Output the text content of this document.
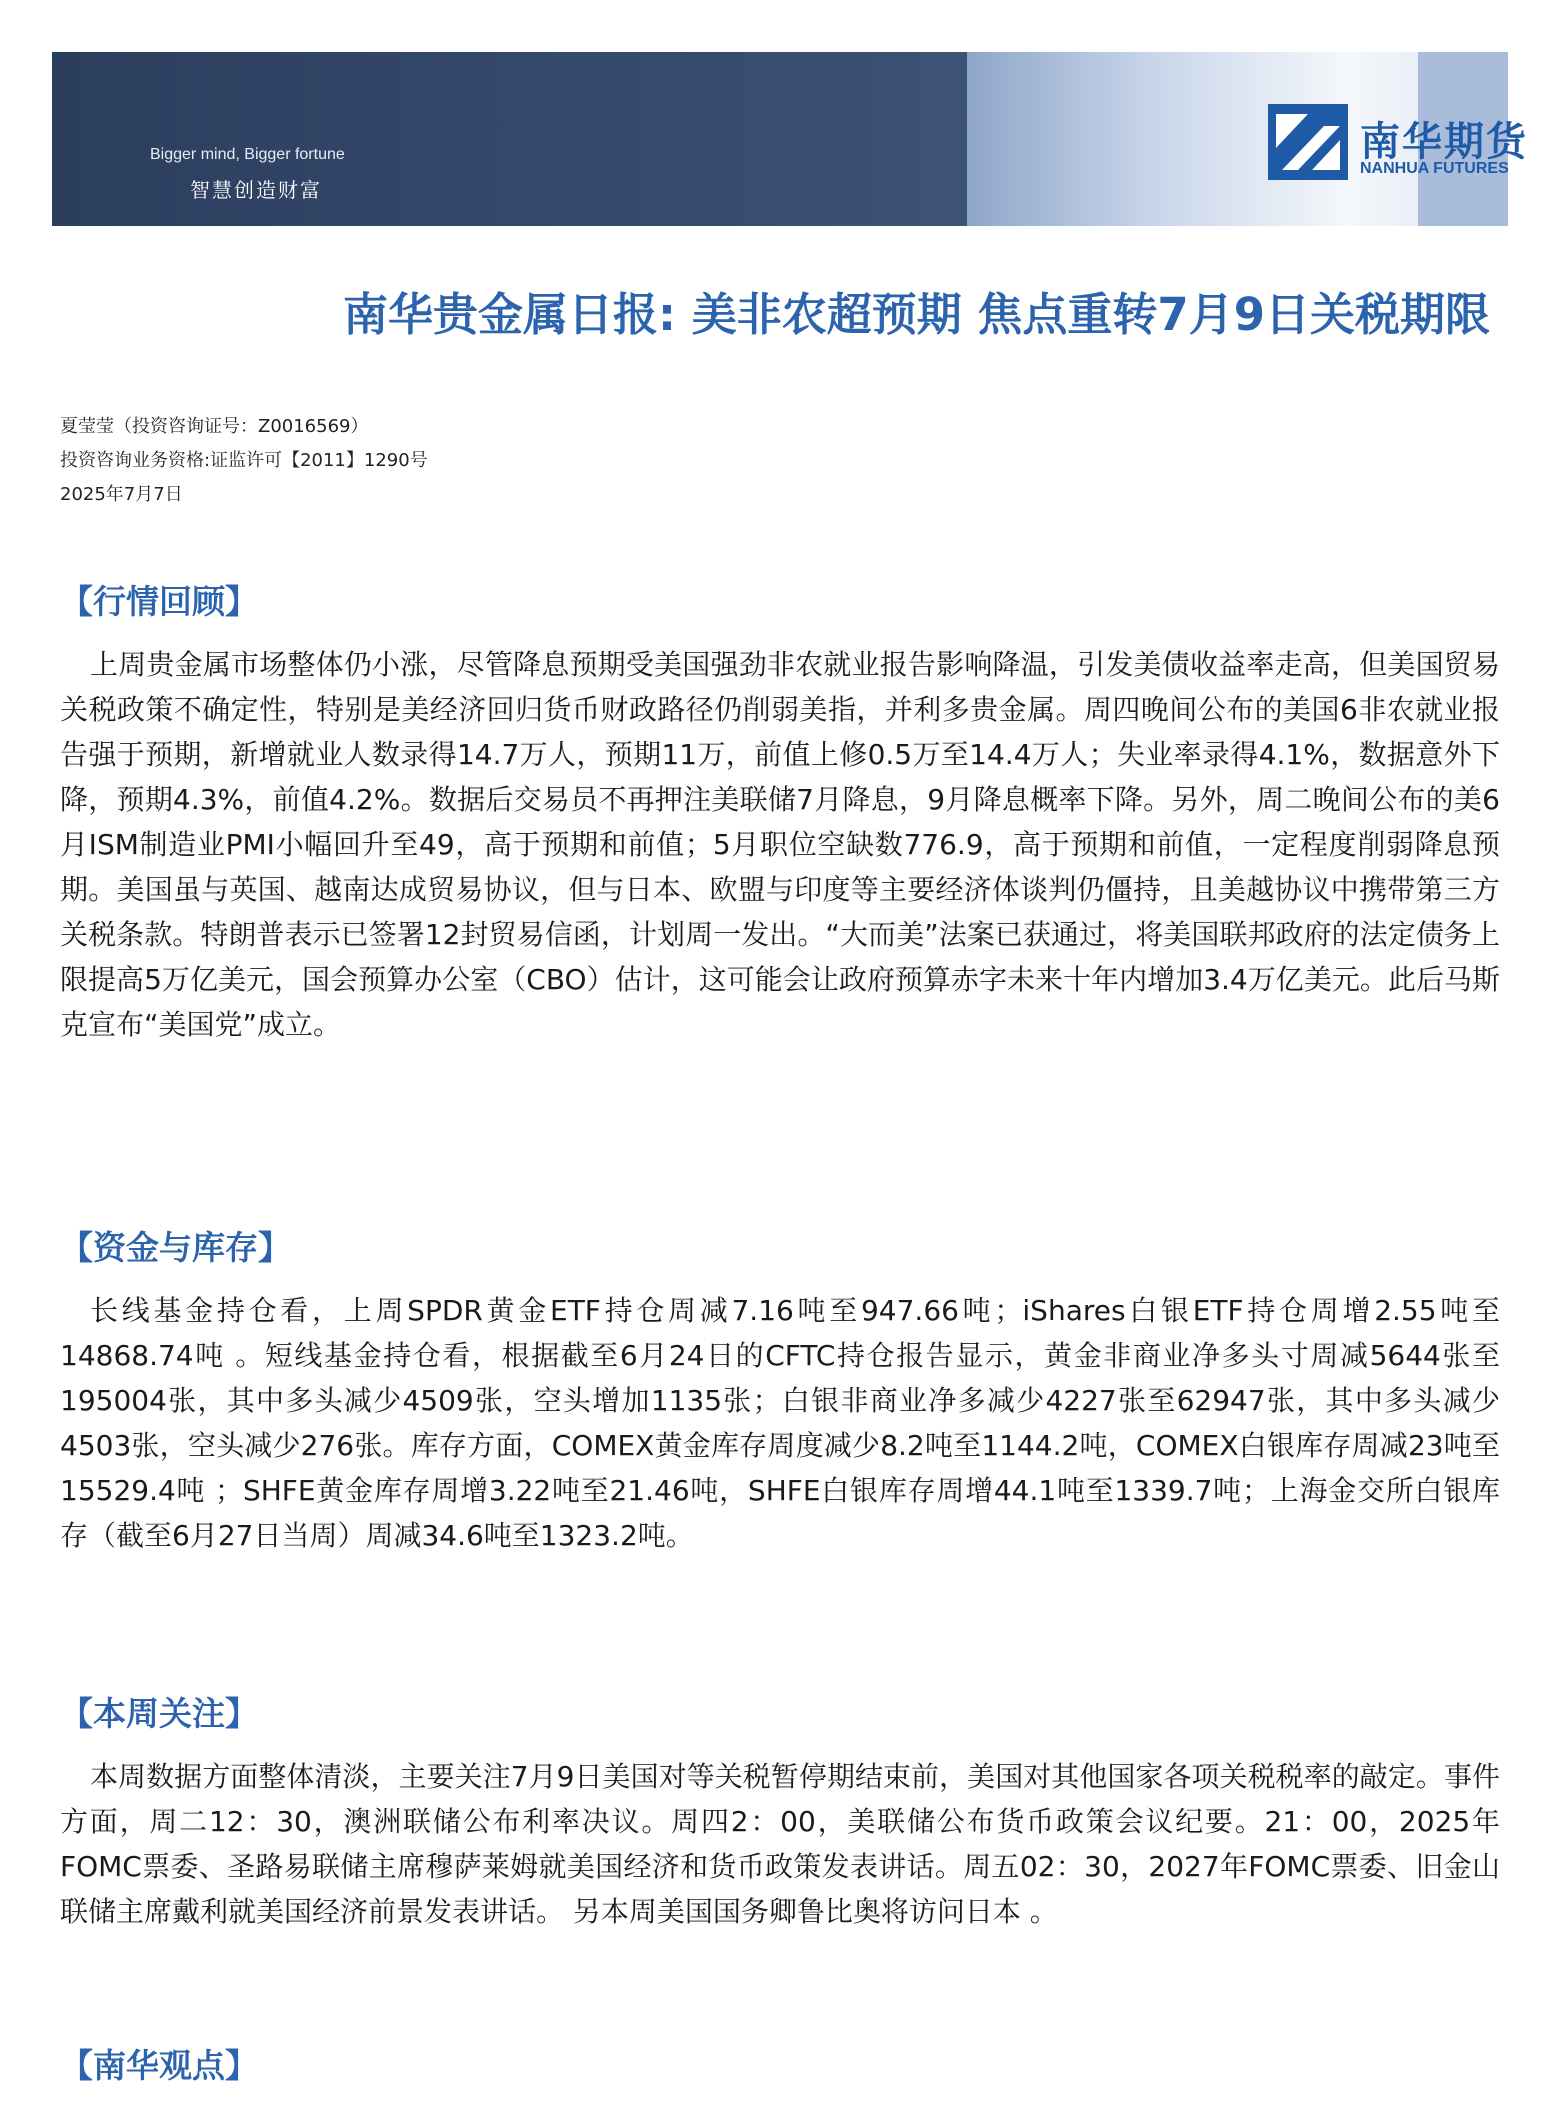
Bigger mind, Bigger fortune
智慧创造财富
南华期货
NANHUA FUTURES
南华贵金属日报: 美非农超预期 焦点重转7月9日关税期限
夏莹莹（投资咨询证号：Z0016569）
投资咨询业务资格:证监许可【2011】1290号
2025年7月7日
【行情回顾】

上周贵金属市场整体仍小涨，尽管降息预期受美国强劲非农就业报告影响降温，引发美债收益率走高，但美国贸易关税政策不确定性，特别是美经济回归货币财政路径仍削弱美指，并利多贵金属。周四晚间公布的美国6非农就业报告强于预期，新增就业人数录得14.7万人，预期11万，前值上修0.5万至14.4万人；失业率录得4.1%，数据意外下降，预期4.3%，前值4.2%。数据后交易员不再押注美联储7月降息，9月降息概率下降。另外，周二晚间公布的美6月ISM制造业PMI小幅回升至49，高于预期和前值；5月职位空缺数776.9，高于预期和前值，一定程度削弱降息预期。美国虽与英国、越南达成贸易协议，但与日本、欧盟与印度等主要经济体谈判仍僵持，且美越协议中携带第三方关税条款。特朗普表示已签署12封贸易信函，计划周一发出。“大而美”法案已获通过，将美国联邦政府的法定债务上限提高5万亿美元，国会预算办公室（CBO）估计，这可能会让政府预算赤字未来十年内增加3.4万亿美元。此后马斯克宣布“美国党”成立。

【资金与库存】

长线基金持仓看，上周SPDR黄金ETF持仓周减7.16吨至947.66吨；iShares白银ETF持仓周增2.55吨至14868.74吨 。短线基金持仓看，根据截至6月24日的CFTC持仓报告显示，黄金非商业净多头寸周减5644张至195004张，其中多头减少4509张，空头增加1135张；白银非商业净多减少4227张至62947张，其中多头减少4503张，空头减少276张。库存方面，COMEX黄金库存周度减少8.2吨至1144.2吨，COMEX白银库存周减23吨至15529.4吨 ；SHFE黄金库存周增3.22吨至21.46吨，SHFE白银库存周增44.1吨至1339.7吨；上海金交所白银库存（截至6月27日当周）周减34.6吨至1323.2吨。

【本周关注】

本周数据方面整体清淡，主要关注7月9日美国对等关税暂停期结束前，美国对其他国家各项关税税率的敲定。事件方面，周二12：30，澳洲联储公布利率决议。周四2：00，美联储公布货币政策会议纪要。21：00，2025年FOMC票委、圣路易联储主席穆萨莱姆就美国经济和货币政策发表讲话。周五02：30，2027年FOMC票委、旧金山联储主席戴利就美国经济前景发表讲话。 另本周美国国务卿鲁比奥将访问日本 。

【南华观点】
